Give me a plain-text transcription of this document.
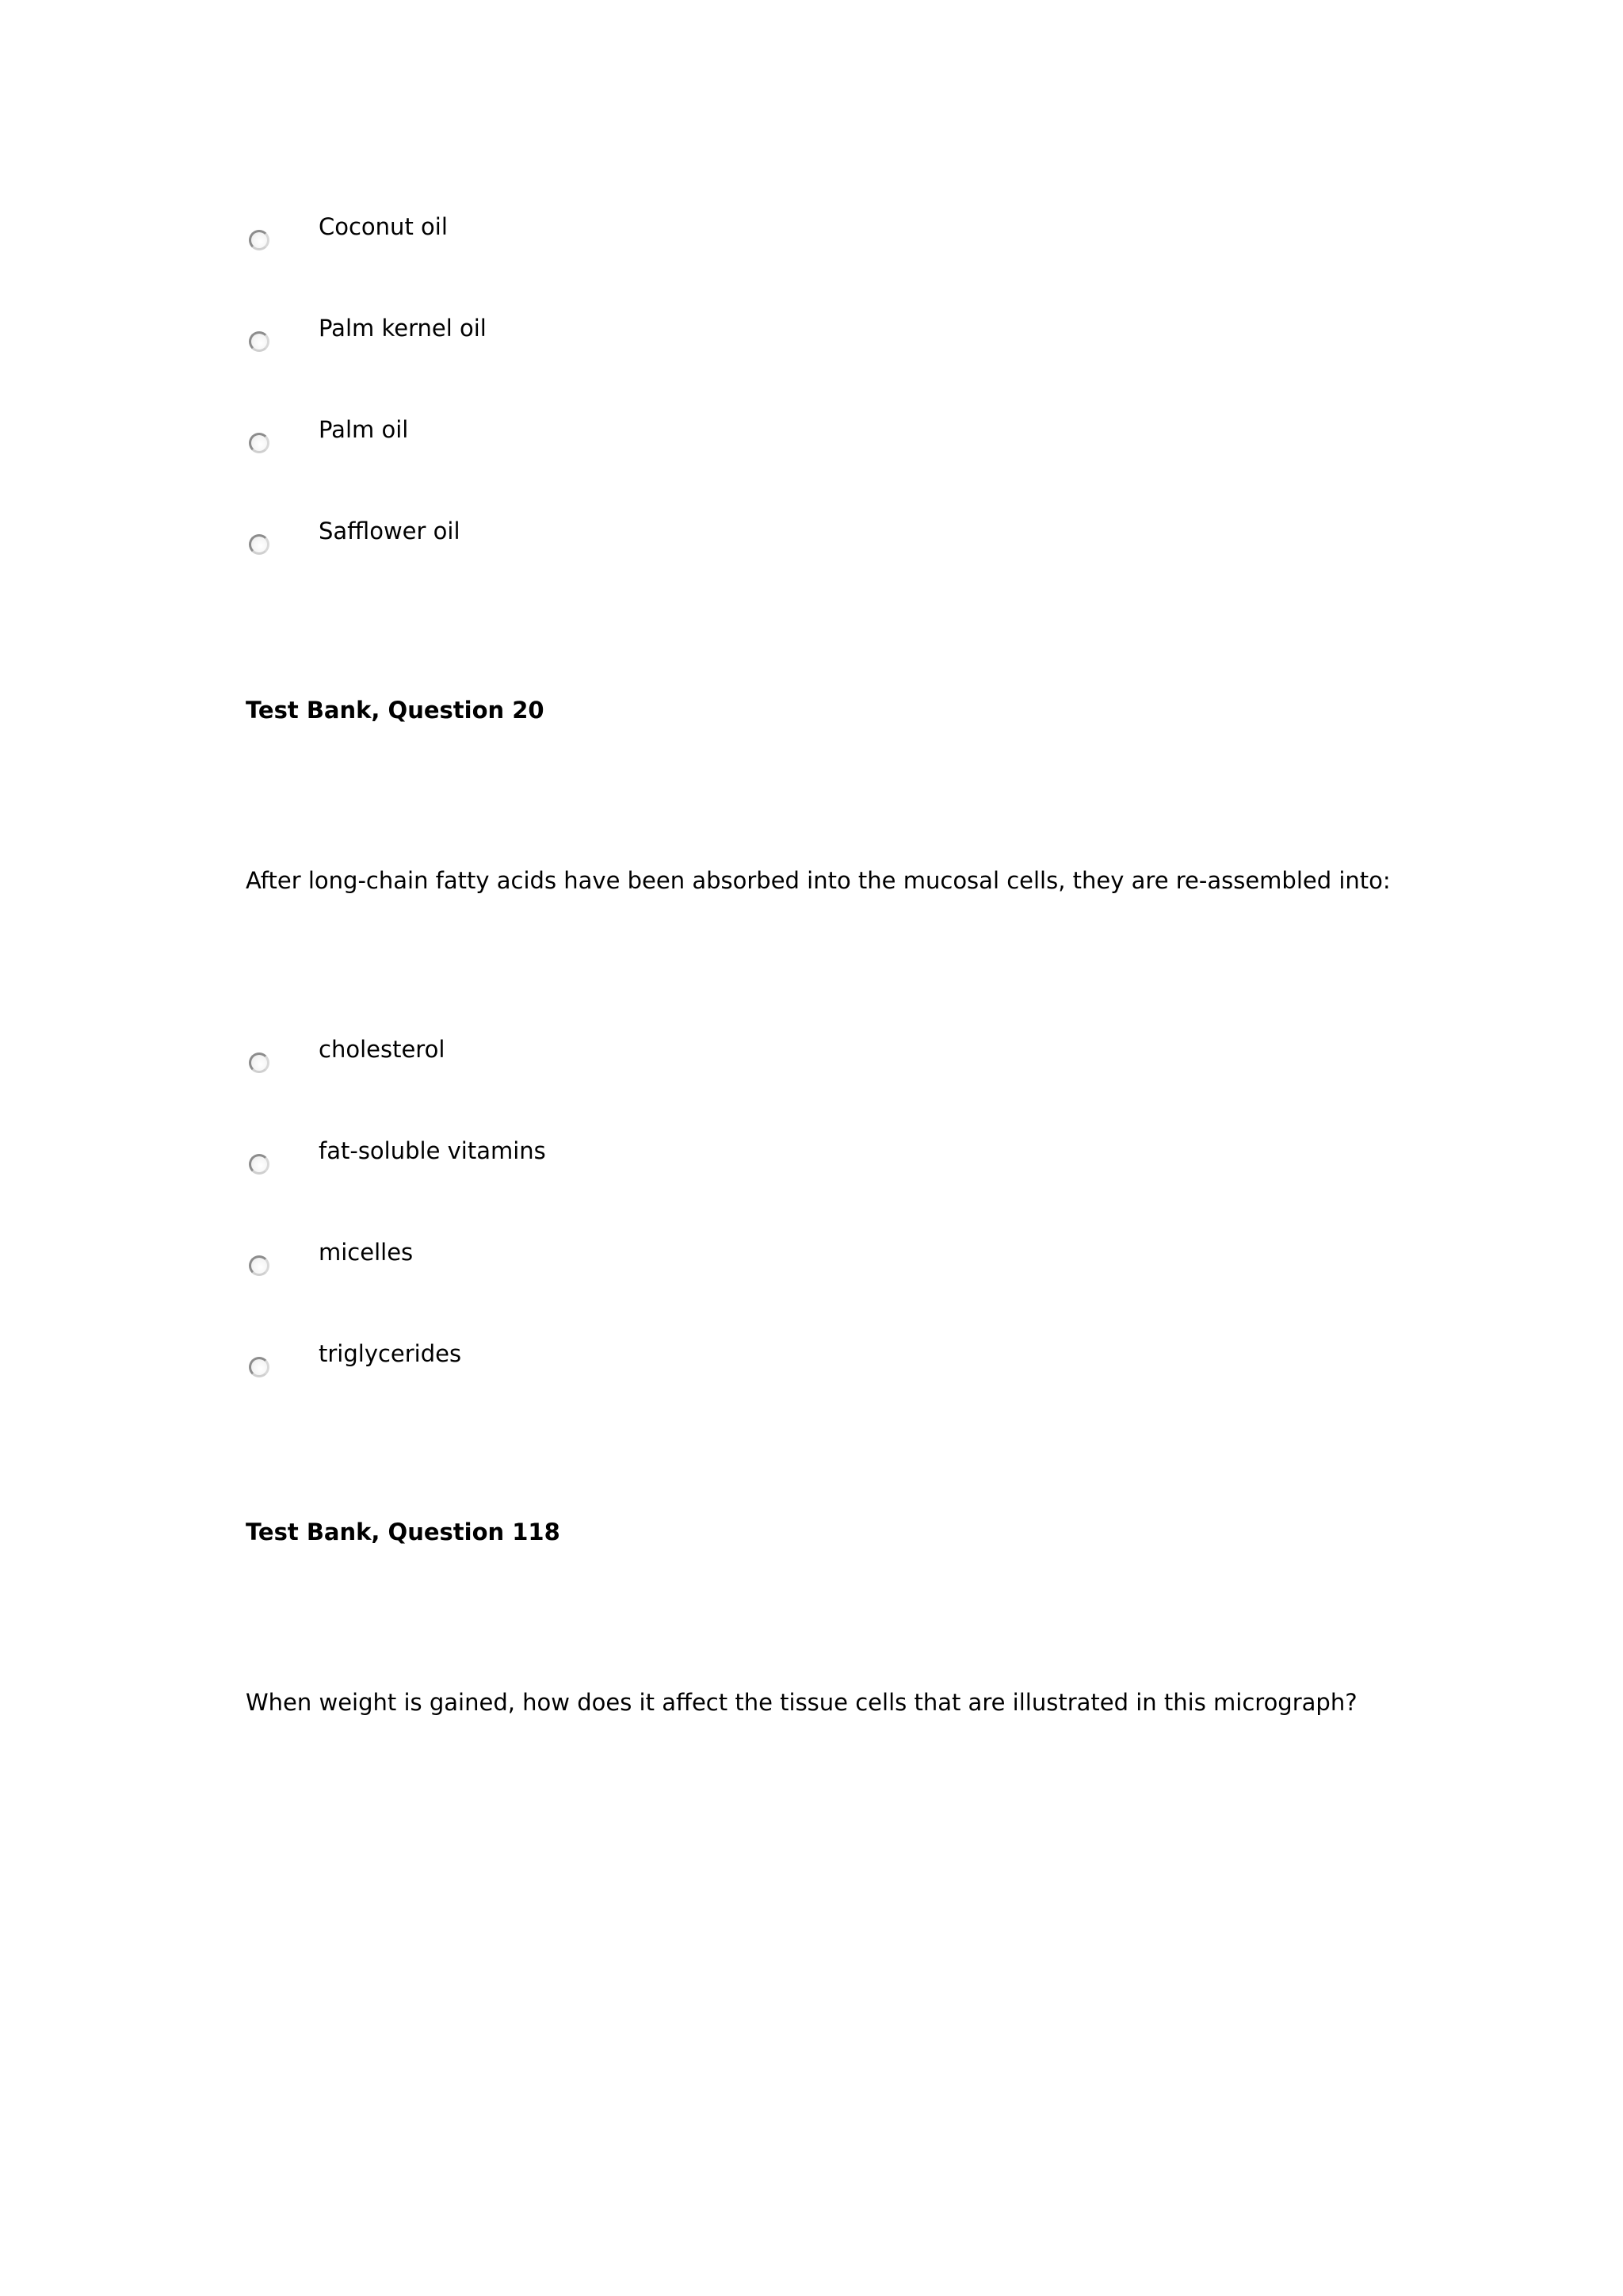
Coconut oil
Palm kernel oil
Palm oil
Safflower oil
Test Bank, Question 20
After long-chain fatty acids have been absorbed into the mucosal cells, they are re-assembled into:
cholesterol
fat-soluble vitamins
micelles
triglycerides
Test Bank, Question 118
When weight is gained, how does it affect the tissue cells that are illustrated in this micrograph?
